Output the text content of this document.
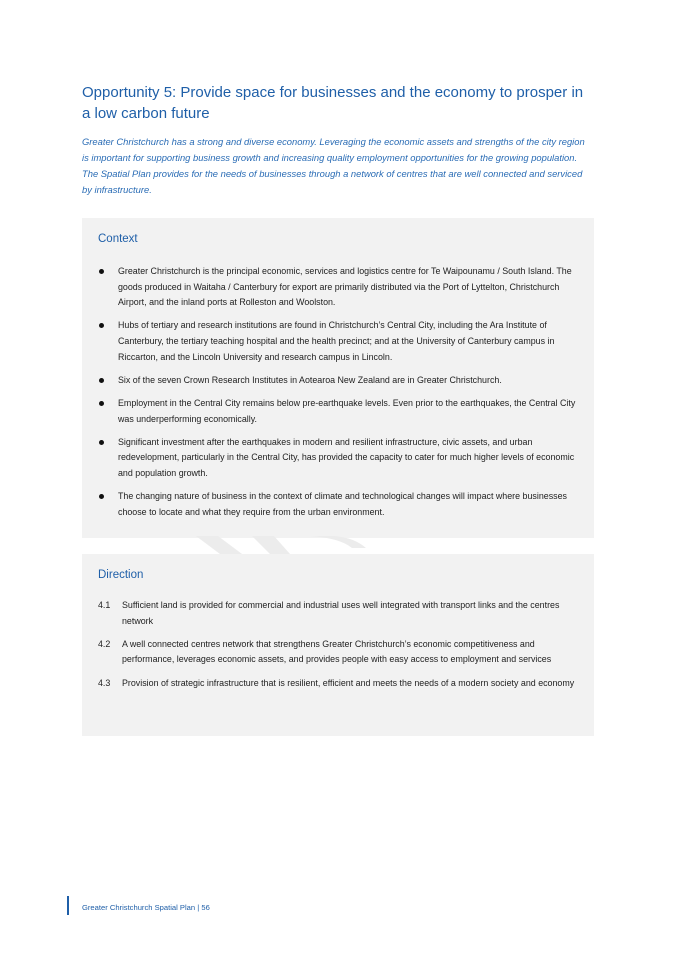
Opportunity 5: Provide space for businesses and the economy to prosper in a low carbon future

Greater Christchurch has a strong and diverse economy. Leveraging the economic assets and strengths of the city region is important for supporting business growth and increasing quality employment opportunities for the growing population. The Spatial Plan provides for the needs of businesses through a network of centres that are well connected and serviced by infrastructure.

Context
Greater Christchurch is the principal economic, services and logistics centre for Te Waipounamu / South Island. The goods produced in Waitaha / Canterbury for export are primarily distributed via the Port of Lyttelton, Christchurch Airport, and the inland ports at Rolleston and Woolston.
Hubs of tertiary and research institutions are found in Christchurch’s Central City, including the Ara Institute of Canterbury, the tertiary teaching hospital and the health precinct; and at the University of Canterbury campus in Riccarton, and the Lincoln University and research campus in Lincoln.
Six of the seven Crown Research Institutes in Aotearoa New Zealand are in Greater Christchurch.
Employment in the Central City remains below pre-earthquake levels. Even prior to the earthquakes, the Central City was underperforming economically.
Significant investment after the earthquakes in modern and resilient infrastructure, civic assets, and urban redevelopment, particularly in the Central City, has provided the capacity to cater for much higher levels of economic and population growth.
The changing nature of business in the context of climate and technological changes will impact where businesses choose to locate and what they require from the urban environment.
Direction
4.1 Sufficient land is provided for commercial and industrial uses well integrated with transport links and the centres network
4.2 A well connected centres network that strengthens Greater Christchurch’s economic competitiveness and performance, leverages economic assets, and provides people with easy access to employment and services
4.3 Provision of strategic infrastructure that is resilient, efficient and meets the needs of a modern society and economy

Greater Christchurch Spatial Plan | 56
